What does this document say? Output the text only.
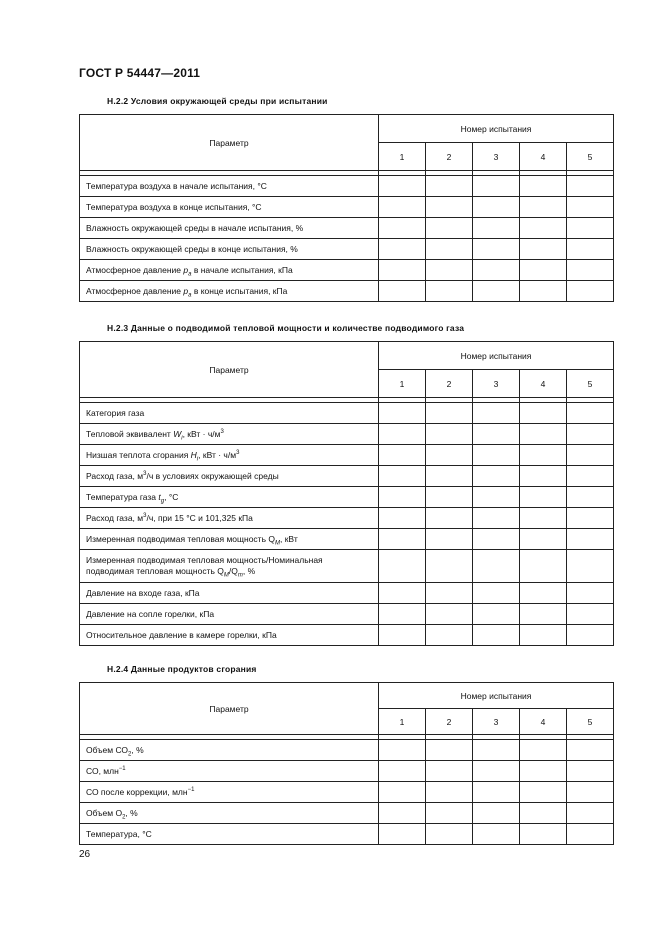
ГОСТ Р 54447—2011
Н.2.2 Условия окружающей среды при испытании
Параметр	Номер испытания				
	1	2	3	4	5

Температура воздуха в начале испытания, °С					
Температура воздуха в конце испытания, °С					
Влажность окружающей среды в начале испытания, %					
Влажность окружающей среды в конце испытания, %					
Атмосферное давление $p_a$ в начале испытания, кПа					
Атмосферное давление $p_a$ в конце испытания, кПа					
Н.2.3 Данные о подводимой тепловой мощности и количестве подводимого газа
Параметр	Номер испытания				
	1	2	3	4	5

Категория газа					
Тепловой эквивалент $W_i$, кВт · $ч/м^3$					
Низшая теплота сгорания $H_i$, кВт · $ч/м^3$					
Расход газа, $м^3/ч$ в условиях окружающей среды					
Температура газа $t_g$, °С					
Расход газа, $м^3/ч$, при 15 °С и 101,325 кПа					
Измеренная подводимая тепловая мощность $Q_M$, кВт					
Измеренная подводимая тепловая мощность/Номинальная подводимая тепловая мощность $Q_M/Q_m$, %					
Давление на входе газа, кПа					
Давление на сопле горелки, кПа					
Относительное давление в камере горелки, кПа					
Н.2.4 Данные продуктов сгорания
Параметр	Номер испытания				
	1	2	3	4	5

Объем $СО_2$, %					
СО, млн$^{-1}$					
СО после коррекции, млн$^{-1}$					
Объем $О_2$, %					
Температура, °С					
26
